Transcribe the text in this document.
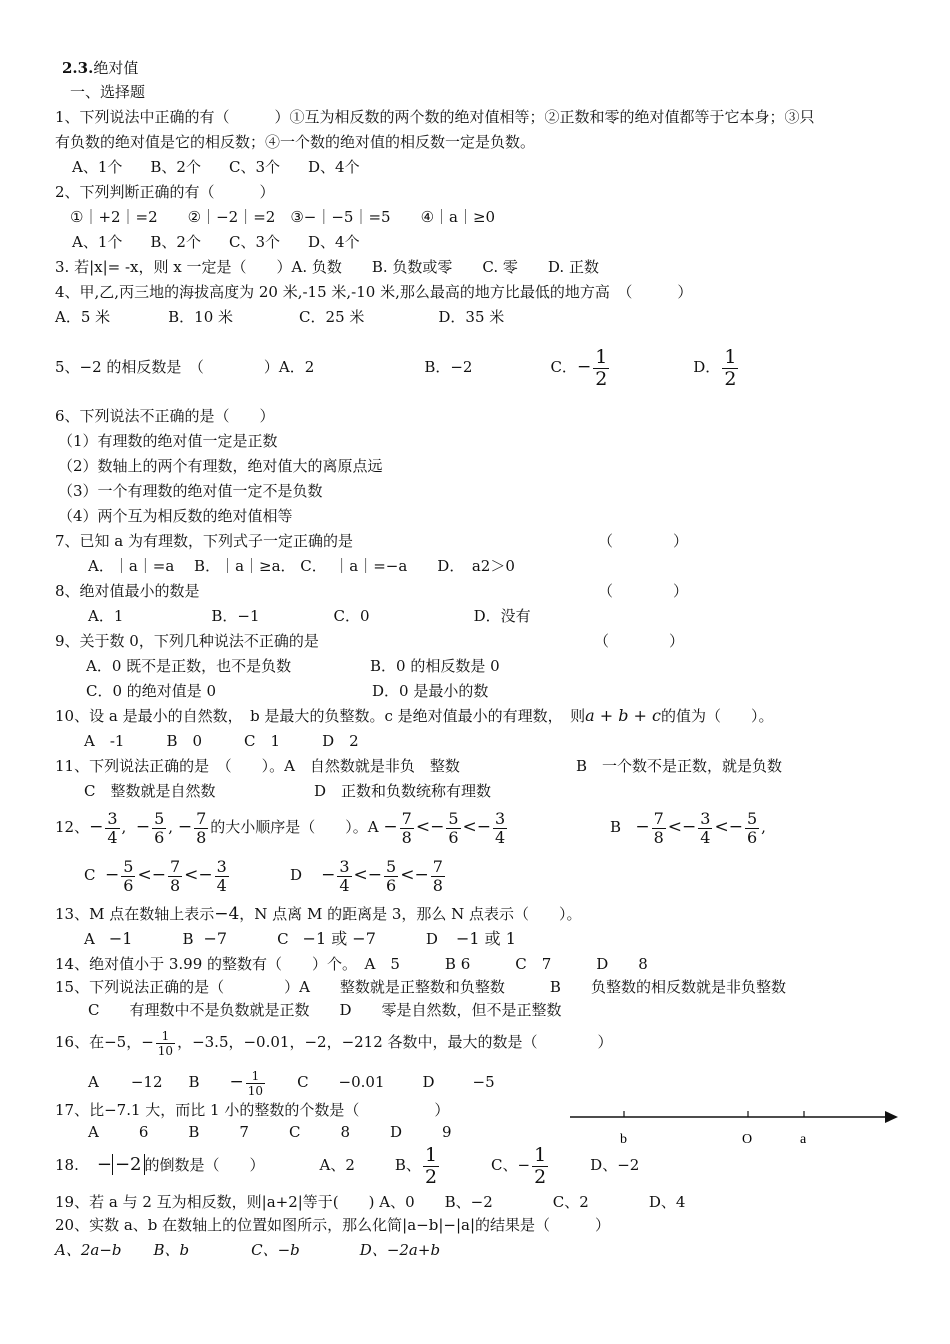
2.3.绝对值
一、选择题
1、下列说法中正确的有（　　　）①互为相反数的两个数的绝对值相等；②正数和零的绝对值都等于它本身；③只
有负数的绝对值是它的相反数；④一个数的绝对值的相反数一定是负数。
A、1个 B、2个 C、3个 D、4个
2、下列判断正确的有（　　　）
①｜+2｜=2　　②｜−2｜=2　③−｜−5｜=5　　④｜a｜≥0
A、1个 B、2个 C、3个 D、4个
3. 若|x|= -x，则 x 一定是（　　）A. 负数　　B. 负数或零　　C. 零　　D. 正数
4、甲,乙,丙三地的海拔高度为 20 米,-15 米,-10 米,那么最高的地方比最低的地方高　（　　　）
A．5 米	B．10 米	C．25 米	D．35 米
5、−2 的相反数是　（　　　　）A．2	B．−2	C．− $\frac{1}{2}$	D． $\frac{1}{2}$
6、下列说法不正确的是（　　）
（1）有理数的绝对值一定是正数
（2）数轴上的两个有理数，绝对值大的离原点远
（3）一个有理数的绝对值一定不是负数
（4）两个互为相反数的绝对值相等
7、已知 a 为有理数，下列式子一定正确的是	（　　　　）
A．｜a｜=a　 B．｜a｜≥a． C．　｜a｜=−a　　D．　a2＞0
8、绝对值最小的数是	（　　　　）
A．1	B．−1	C．0	D．没有
9、关于数 0，下列几种说法不正确的是	（　　　　）
A．0 既不是正数，也不是负数	B．0 的相反数是 0
C．0 的绝对值是 0	D．0 是最小的数
10、设 a 是最小的自然数，　b 是最大的负整数。c 是绝对值最小的有理数，　则a + b + c的值为（　　）。
A　-1	B　0	C　1	D　2
11、下列说法正确的是　（　　）。A　自然数就是非负　整数	B　一个数不是正数，就是负数
C　整数就是自然数	D　正数和负数统称有理数
12、− $\frac{3}{4}$ ,  − $\frac{5}{6}$ , − $\frac{7}{8}$ 的大小顺序是（　　）。$A - \frac{7}{8} <- \frac{5}{6} <- \frac{3}{4}$	$B - \frac{7}{8} <- \frac{3}{4} <- \frac{5}{6}$ ,
$C - \frac{5}{6} <- \frac{7}{8} <- \frac{3}{4}$	$D - \frac{3}{4} <- \frac{5}{6} <- \frac{7}{8}$
13、M 点在数轴上表示−4，N 点离 M 的距离是 3，那么 N 点表示（　　）。
A −1	B −7	C −1 或 −7	D −1 或 1
14、绝对值小于 3.99 的整数有（　　）个。　A　5　　　B 6　　　C　7　　　D　　8
15、下列说法正确的是（　　　　）A　　整数就是正整数和负整数　　　B　　负整数的相反数就是非负整数
C　　有理数中不是负数就是正数　　D　　零是自然数，但不是正整数
16、在−5，− $\frac{1}{10}$ ，−3.5，−0.01，−2，−212 各数中，最大的数是（　　　　）
A −12 $B - \frac{1}{10}$ C −0.01	D	−5
17、比−7.1 大，而比 1 小的整数的个数是（　　　　　）
A	6	B	7	C	8	D	9	b	O	a
18. − −2 的倒数是（　　）	A、2	B、 $\frac{1}{2}$	C、− $\frac{1}{2}$	D、−2
19、若 a 与 2 互为相反数，则|a+2|等于(　　) A、0　　B、−2　　　　C、2　　　　D、4
20、实数 a、b 在数轴上的位置如图所示，那么化简|a−b|−|a|的结果是（　　　）
A、2a−b B、b	C、−b	D、−2a+b
